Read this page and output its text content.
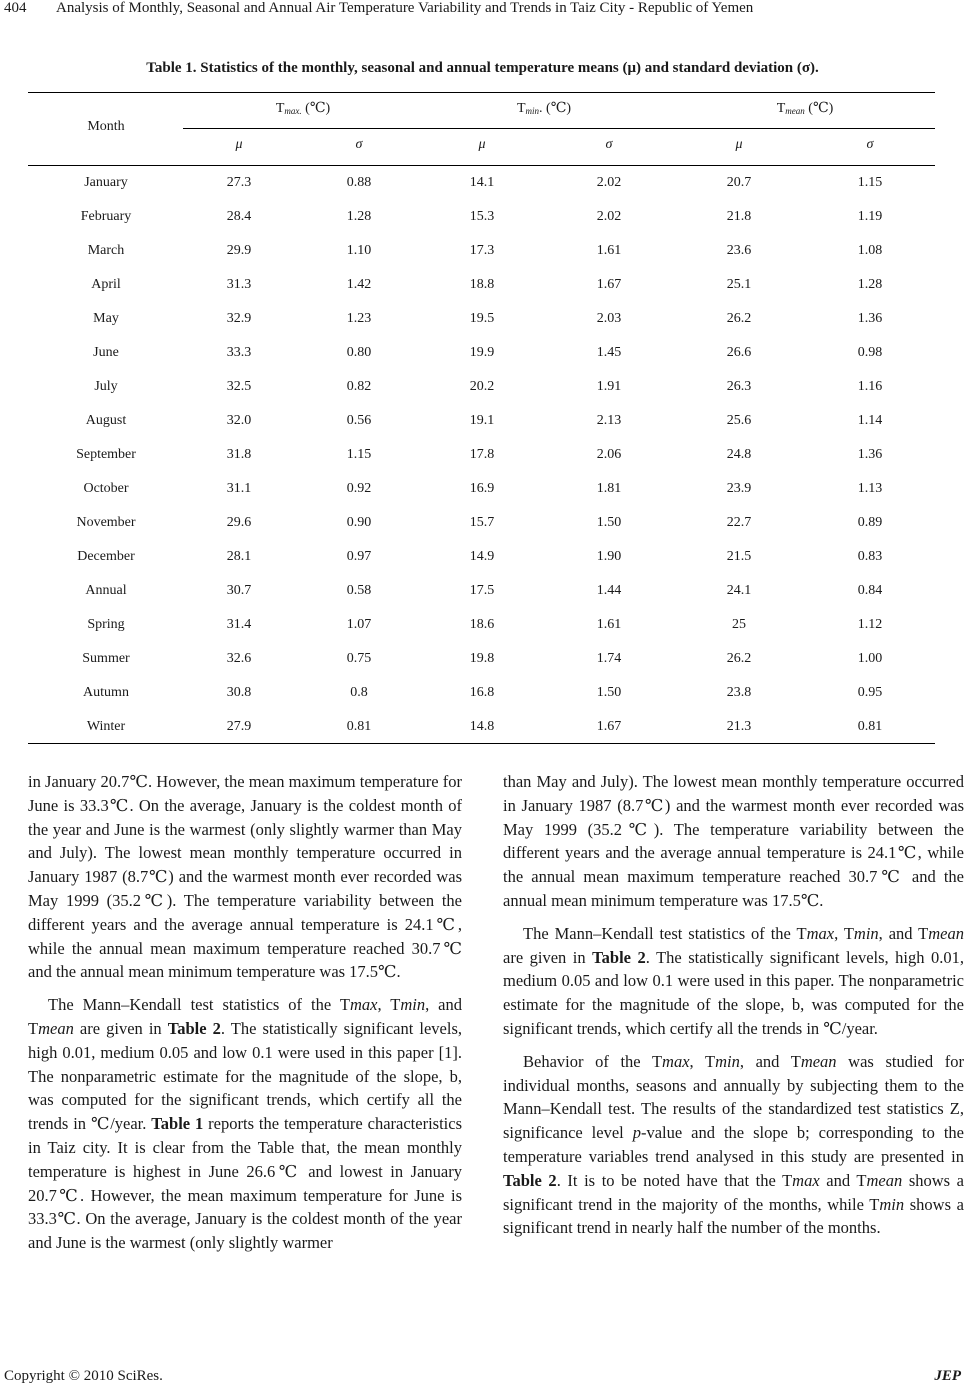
404 Analysis of Monthly, Seasonal and Annual Air Temperature Variability and Trends in Taiz City - Republic of Yemen
Table 1. Statistics of the monthly, seasonal and annual temperature means (μ) and standard deviation (σ).
Month
$T_{max.}$ (℃)	$T_{min}$. (℃)	$T_{mean}$ (℃)
μ	σ	μ	σ	μ	σ
January	27.3	0.88	14.1	2.02	20.7	1.15
February	28.4	1.28	15.3	2.02	21.8	1.19
March	29.9	1.10	17.3	1.61	23.6	1.08
April	31.3	1.42	18.8	1.67	25.1	1.28
May	32.9	1.23	19.5	2.03	26.2	1.36
June	33.3	0.80	19.9	1.45	26.6	0.98
July	32.5	0.82	20.2	1.91	26.3	1.16
August	32.0	0.56	19.1	2.13	25.6	1.14
September	31.8	1.15	17.8	2.06	24.8	1.36
October	31.1	0.92	16.9	1.81	23.9	1.13
November	29.6	0.90	15.7	1.50	22.7	0.89
December	28.1	0.97	14.9	1.90	21.5	0.83
Annual	30.7	0.58	17.5	1.44	24.1	0.84
Spring	31.4	1.07	18.6	1.61	25	1.12
Summer	32.6	0.75	19.8	1.74	26.2	1.00
Autumn	30.8	0.8	16.8	1.50	23.8	0.95
Winter	27.9	0.81	14.8	1.67	21.3	0.81

in January 20.7℃. However, the mean maximum temperature for June is 33.3℃. On the average, January is the coldest month of the year and June is the warmest (only slightly warmer than May and July). The lowest mean monthly temperature occurred in January 1987 (8.7℃) and the warmest month ever recorded was May 1999 (35.2℃). The temperature variability between the different years and the average annual temperature is 24.1℃, while the annual mean maximum temperature reached 30.7℃ and the annual mean minimum temperature was 17.5℃.

The Mann–Kendall test statistics of the Tmax, Tmin, and Tmean are given in Table 2. The statistically significant levels, high 0.01, medium 0.05 and low 0.1 were used in this paper [1]. The nonparametric estimate for the magnitude of the slope, b, was computed for the significant trends, which certify all the trends in ℃/year. Table 1 reports the temperature characteristics in Taiz city. It is clear from the Table that, the mean monthly temperature is highest in June 26.6℃ and lowest in January 20.7℃. However, the mean maximum temperature for June is 33.3℃. On the average, January is the coldest month of the year and June is the warmest (only slightly warmer

than May and July). The lowest mean monthly temperature occurred in January 1987 (8.7℃) and the warmest month ever recorded was May 1999 (35.2℃). The temperature variability between the different years and the average annual temperature is 24.1℃, while the annual mean maximum temperature reached 30.7℃ and the annual mean minimum temperature was 17.5℃.

The Mann–Kendall test statistics of the Tmax, Tmin, and Tmean are given in Table 2. The statistically significant levels, high 0.01, medium 0.05 and low 0.1 were used in this paper. The nonparametric estimate for the magnitude of the slope, b, was computed for the significant trends, which certify all the trends in ℃/year.

Behavior of the Tmax, Tmin, and Tmean was studied for individual months, seasons and annually by subjecting them to the Mann–Kendall test. The results of the standardized test statistics Z, significance level p-value and the slope b; corresponding to the temperature variables trend analysed in this study are presented in Table 2. It is to be noted have that the Tmax and Tmean shows a significant trend in the majority of the months, while Tmin shows a significant trend in nearly half the number of the months.

Copyright © 2010 SciRes.	JEP
